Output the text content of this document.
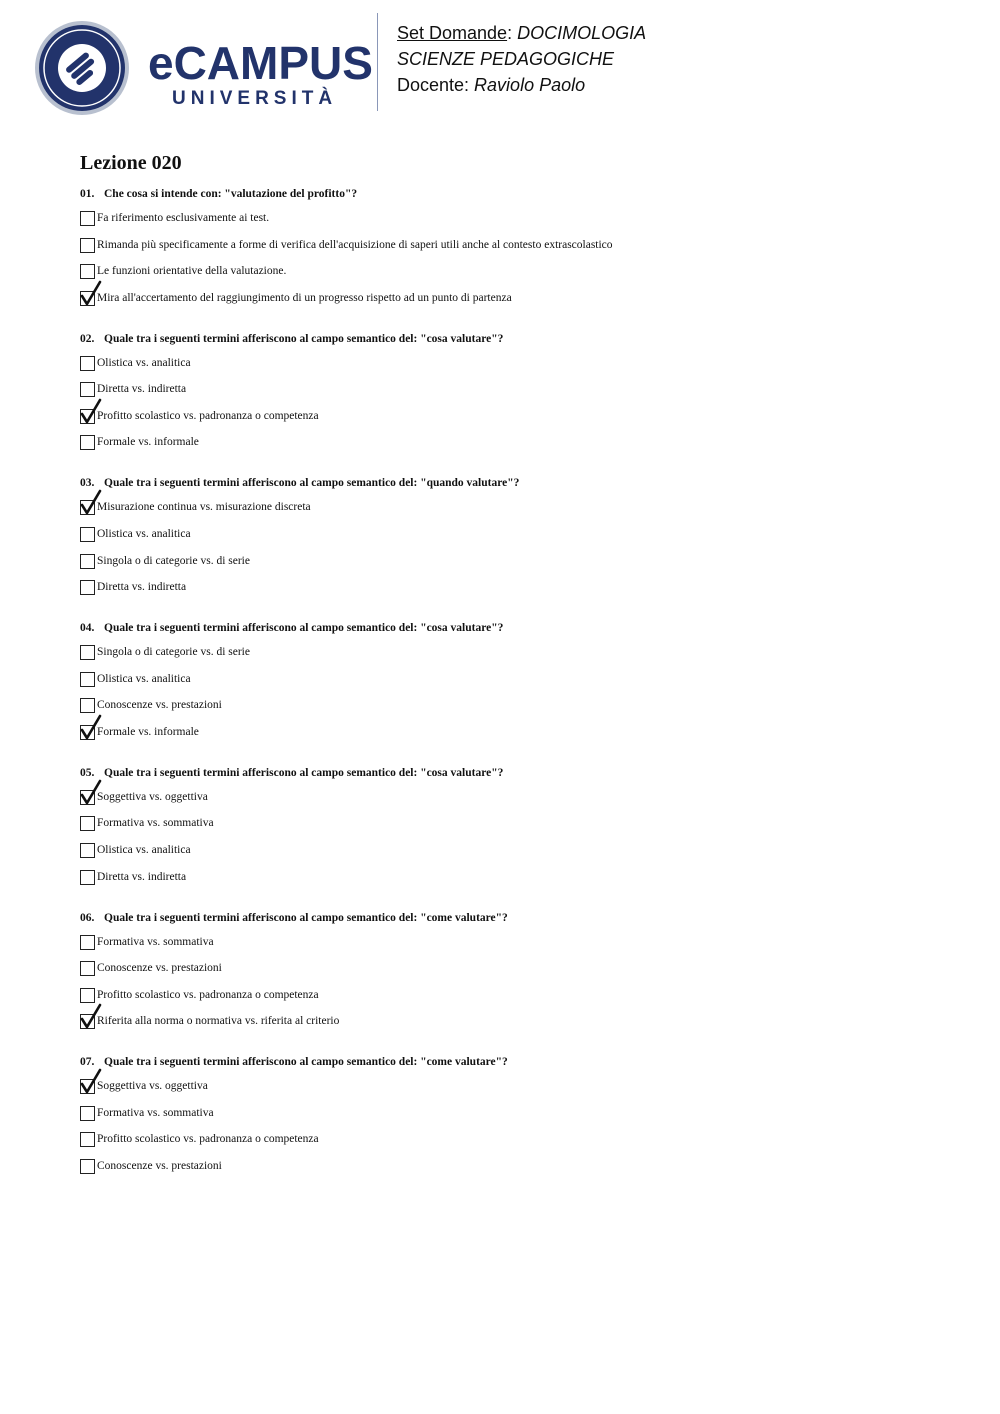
eCAMPUS
UNIVERSITÀ
Set Domande: DOCIMOLOGIA
SCIENZE PEDAGOGICHE
Docente: Raviolo Paolo
Lezione 020
01. Che cosa si intende con: "valutazione del profitto"?
Fa riferimento esclusivamente ai test.
Rimanda più specificamente a forme di verifica dell'acquisizione di saperi utili anche al contesto extrascolastico
Le funzioni orientative della valutazione.
Mira all'accertamento del raggiungimento di un progresso rispetto ad un punto di partenza
02. Quale tra i seguenti termini afferiscono al campo semantico del: "cosa valutare"?
Olistica vs. analitica
Diretta vs. indiretta
Profitto scolastico vs. padronanza o competenza
Formale vs. informale
03. Quale tra i seguenti termini afferiscono al campo semantico del: "quando valutare"?
Misurazione continua vs. misurazione discreta
Olistica vs. analitica
Singola o di categorie vs. di serie
Diretta vs. indiretta
04. Quale tra i seguenti termini afferiscono al campo semantico del: "cosa valutare"?
Singola o di categorie vs. di serie
Olistica vs. analitica
Conoscenze vs. prestazioni
Formale vs. informale
05. Quale tra i seguenti termini afferiscono al campo semantico del: "cosa valutare"?
Soggettiva vs. oggettiva
Formativa vs. sommativa
Olistica vs. analitica
Diretta vs. indiretta
06. Quale tra i seguenti termini afferiscono al campo semantico del: "come valutare"?
Formativa vs. sommativa
Conoscenze vs. prestazioni
Profitto scolastico vs. padronanza o competenza
Riferita alla norma o normativa vs. riferita al criterio
07. Quale tra i seguenti termini afferiscono al campo semantico del: "come valutare"?
Soggettiva vs. oggettiva
Formativa vs. sommativa
Profitto scolastico vs. padronanza o competenza
Conoscenze vs. prestazioni
